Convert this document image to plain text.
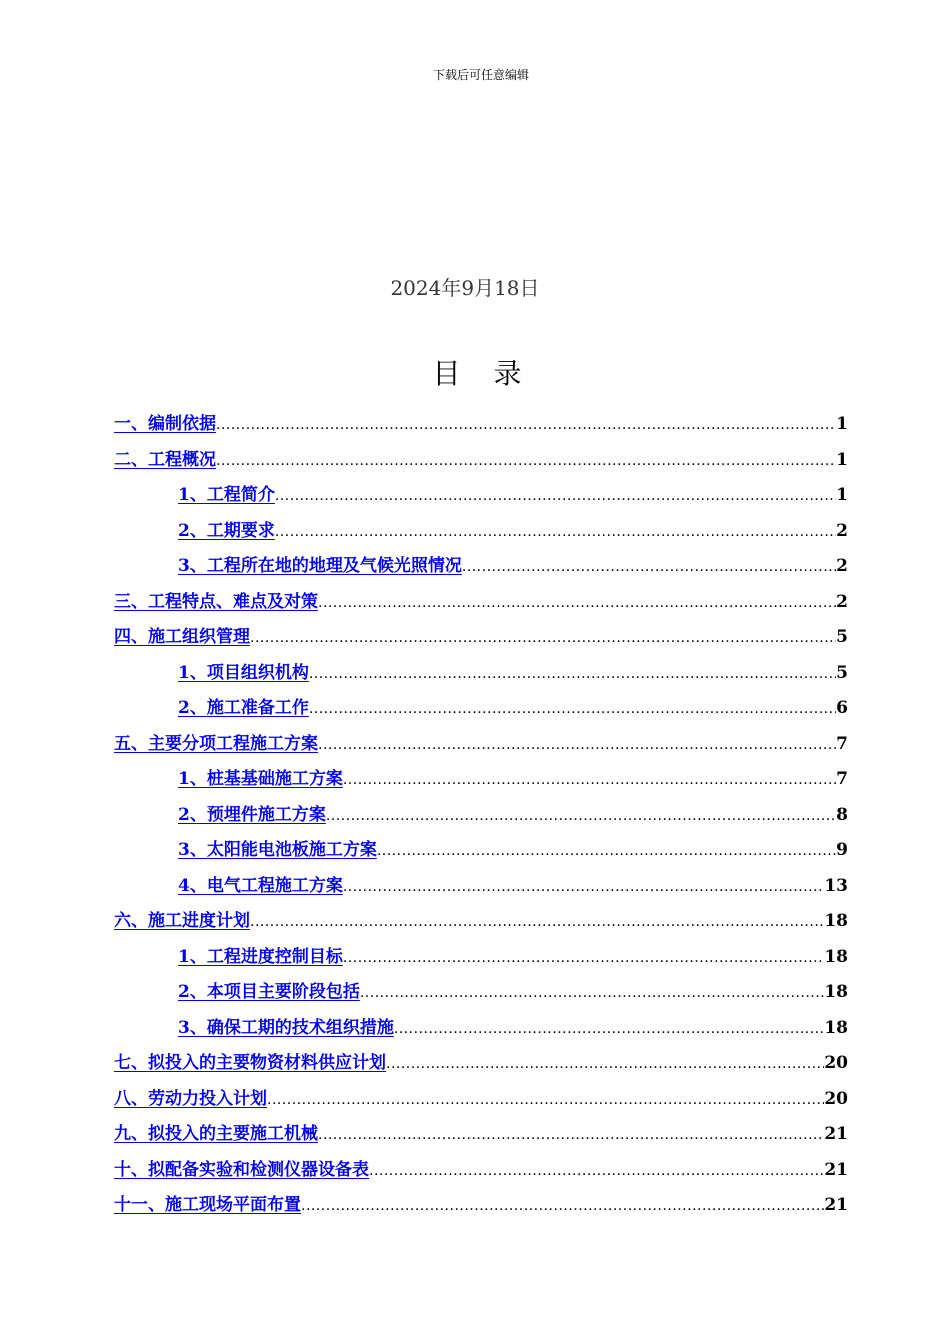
下载后可任意编辑
2024年9月18日
目 录
一、编制依据 .....	1
二、工程概况 .....	1
1、工程简介 .....	1
2、工期要求 .....	2
3、工程所在地的地理及气候光照情况 .....	2
三、工程特点、难点及对策 .....	2
四、施工组织管理 .....	5
1、项目组织机构 .....	5
2、施工准备工作 .....	6
五、主要分项工程施工方案 .....	7
1、桩基基础施工方案 .....	7
2、预埋件施工方案 .....	8
3、太阳能电池板施工方案 .....	9
4、电气工程施工方案 .....	13
六、施工进度计划 .....	18
1、工程进度控制目标 .....	18
2、本项目主要阶段包括 .....	18
3、确保工期的技术组织措施 .....	18
七、拟投入的主要物资材料供应计划 .....	20
八、劳动力投入计划 .....	20
九、拟投入的主要施工机械 .....	21
十、拟配备实验和检测仪器设备表 .....	21
十一、施工现场平面布置 .....	21
